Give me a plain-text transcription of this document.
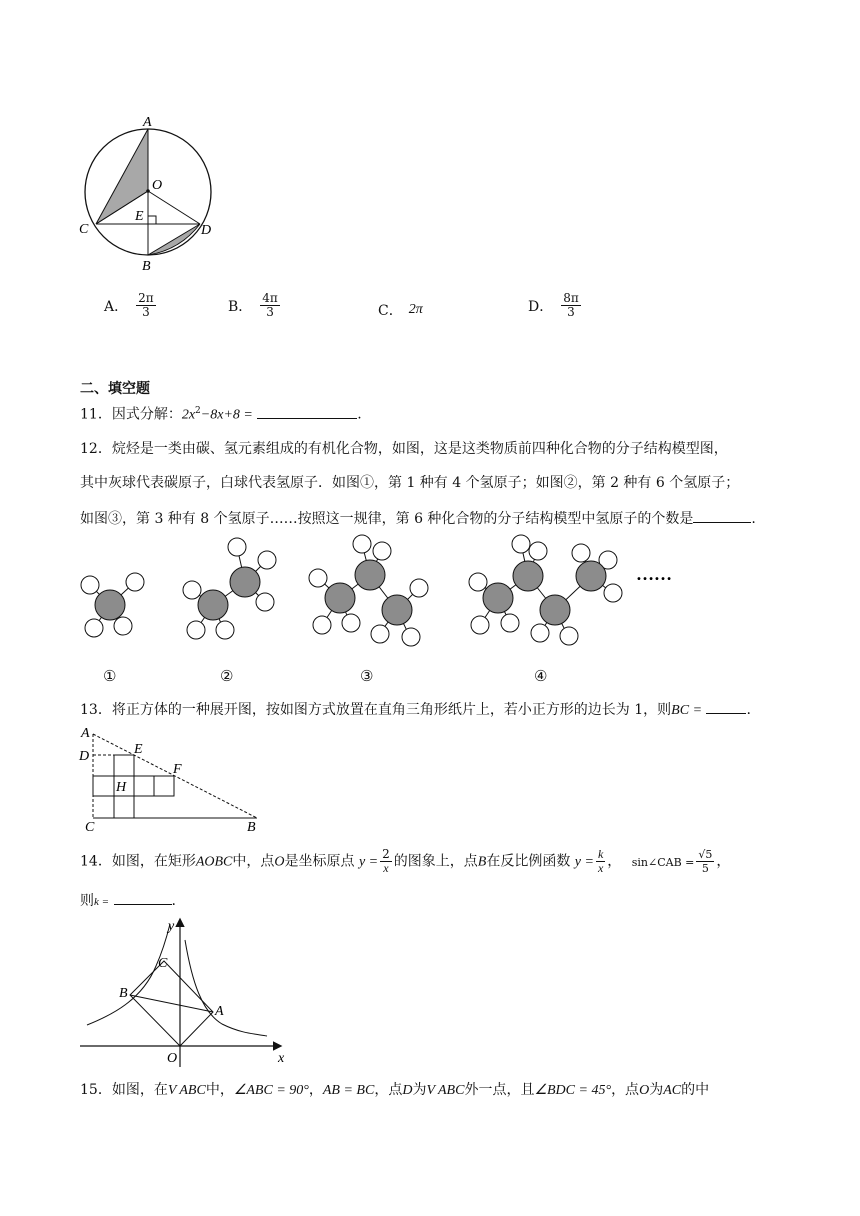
A
O
E
C	D
B
A． $\frac{2\pi}{3}$	B． $\frac{4\pi}{3}$	C． 2π	D． $\frac{8\pi}{3}$
二、填空题
11．因式分解：$2x^2-8x+8$ =	.
12．烷烃是一类由碳、氢元素组成的有机化合物，如图，这是这类物质前四种化合物的分子结构模型图，
其中灰球代表碳原子，白球代表氢原子．如图①，第 1 种有 4 个氢原子；如图②，第 2 种有 6 个氢原子；
如图③，第 3 种有 8 个氢原子……按照这一规律，第 6 种化合物的分子结构模型中氢原子的个数是	.
……
①	②	③	④
13．将正方体的一种展开图，按如图方式放置在直角三角形纸片上，若小正方形的边长为 1，则BC =	.
A
D	E
F
H
C	B
14．如图，在矩形AOBC中，点O是坐标原点 $y = \frac{2}{x}$ 的图象上，点B在反比例函数 $y = \frac{k}{x}$ ， sin∠CAB = $\frac{√5}{5}$ ，
则k =	.
y
C
B
A
O	x
15．如图，在V ABC中，∠ABC = 90°，AB = BC，点D为V ABC外一点，且∠BDC = 45°，点O为AC的中
